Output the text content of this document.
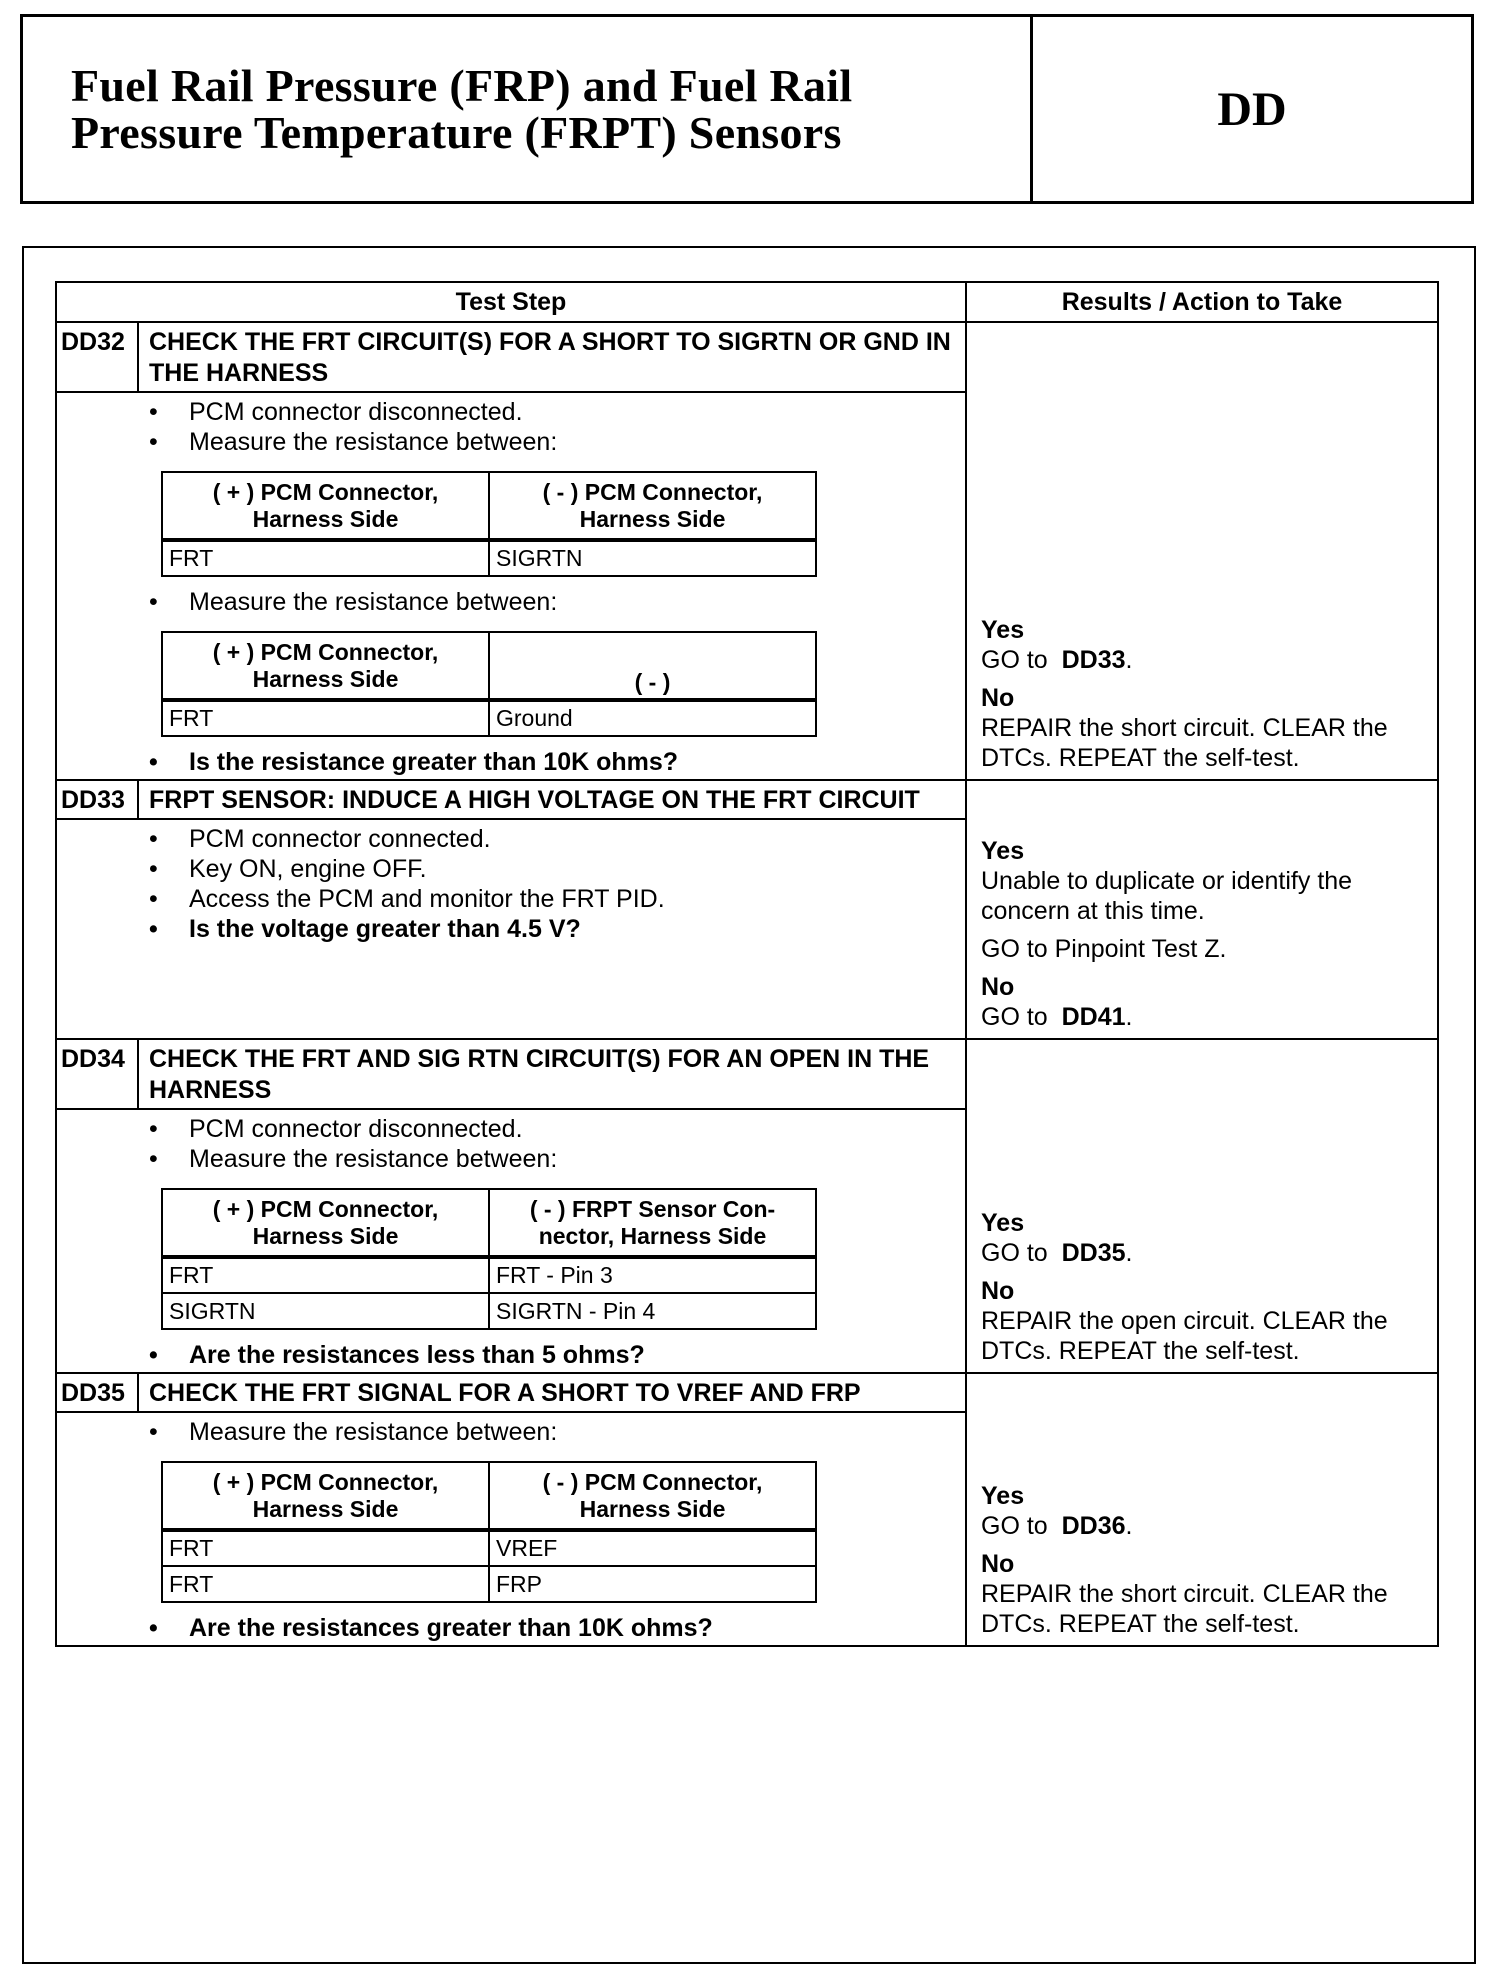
Fuel Rail Pressure (FRP) and Fuel Rail
Pressure Temperature (FRPT) Sensors	DD
Test Step	Results / Action to Take
DD32 CHECK THE FRT CIRCUIT(S) FOR A SHORT TO SIGRTN OR GND IN THE HARNESS
•	PCM connector disconnected.
•	Measure the resistance between:
( + ) PCM Connector, Harness Side	( - ) PCM Connector, Harness Side
FRT	SIGRTN
•	Measure the resistance between:
( + ) PCM Connector, Harness Side	( - )
FRT	Ground
•	Is the resistance greater than 10K ohms?
Yes
GO to DD33.
No
REPAIR the short circuit. CLEAR the DTCs. REPEAT the self-test.
DD33 FRPT SENSOR: INDUCE A HIGH VOLTAGE ON THE FRT CIRCUIT
•	PCM connector connected.
•	Key ON, engine OFF.
•	Access the PCM and monitor the FRT PID.
•	Is the voltage greater than 4.5 V?
Yes
Unable to duplicate or identify the concern at this time.
GO to Pinpoint Test Z.
No
GO to DD41.
DD34 CHECK THE FRT AND SIG RTN CIRCUIT(S) FOR AN OPEN IN THE HARNESS
•	PCM connector disconnected.
•	Measure the resistance between:
( + ) PCM Connector, Harness Side	( - ) FRPT Sensor Con-nector, Harness Side
FRT	FRT - Pin 3
SIGRTN	SIGRTN - Pin 4
•	Are the resistances less than 5 ohms?
Yes
GO to DD35.
No
REPAIR the open circuit. CLEAR the DTCs. REPEAT the self-test.
DD35 CHECK THE FRT SIGNAL FOR A SHORT TO VREF AND FRP
•	Measure the resistance between:
( + ) PCM Connector, Harness Side	( - ) PCM Connector, Harness Side
FRT	VREF
FRT	FRP
•	Are the resistances greater than 10K ohms?
Yes
GO to DD36.
No
REPAIR the short circuit. CLEAR the DTCs. REPEAT the self-test.
